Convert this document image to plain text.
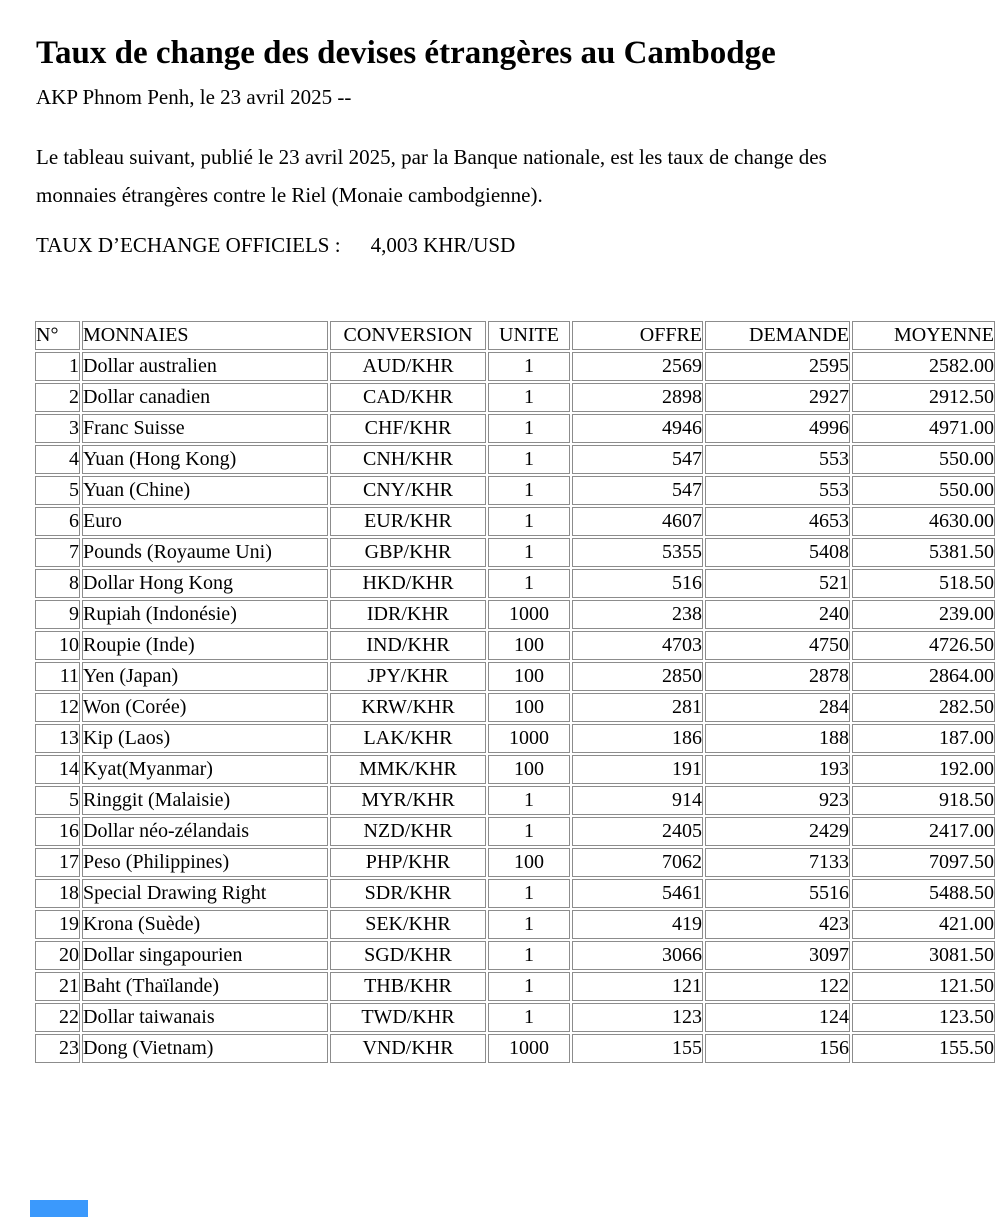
Taux de change des devises étrangères au Cambodge
AKP Phnom Penh, le 23 avril 2025 --
Le tableau suivant, publié le 23 avril 2025, par la Banque nationale, est les taux de change des
monnaies étrangères contre le Riel (Monaie cambodgienne).
TAUX D’ECHANGE OFFICIELS : 4,003 KHR/USD
N°	MONNAIES	CONVERSION	UNITE	OFFRE	DEMANDE	MOYENNE
1	Dollar australien	AUD/KHR	1	2569	2595	2582.00
2	Dollar canadien	CAD/KHR	1	2898	2927	2912.50
3	Franc Suisse	CHF/KHR	1	4946	4996	4971.00
4	Yuan (Hong Kong)	CNH/KHR	1	547	553	550.00
5	Yuan (Chine)	CNY/KHR	1	547	553	550.00
6	Euro	EUR/KHR	1	4607	4653	4630.00
7	Pounds (Royaume Uni)	GBP/KHR	1	5355	5408	5381.50
8	Dollar Hong Kong	HKD/KHR	1	516	521	518.50
9	Rupiah (Indonésie)	IDR/KHR	1000	238	240	239.00
10	Roupie (Inde)	IND/KHR	100	4703	4750	4726.50
11	Yen (Japan)	JPY/KHR	100	2850	2878	2864.00
12	Won (Corée)	KRW/KHR	100	281	284	282.50
13	Kip (Laos)	LAK/KHR	1000	186	188	187.00
14	Kyat(Myanmar)	MMK/KHR	100	191	193	192.00
5	Ringgit (Malaisie)	MYR/KHR	1	914	923	918.50
16	Dollar néo-zélandais	NZD/KHR	1	2405	2429	2417.00
17	Peso (Philippines)	PHP/KHR	100	7062	7133	7097.50
18	Special Drawing Right	SDR/KHR	1	5461	5516	5488.50
19	Krona (Suède)	SEK/KHR	1	419	423	421.00
20	Dollar singapourien	SGD/KHR	1	3066	3097	3081.50
21	Baht (Thaïlande)	THB/KHR	1	121	122	121.50
22	Dollar taiwanais	TWD/KHR	1	123	124	123.50
23	Dong (Vietnam)	VND/KHR	1000	155	156	155.50
